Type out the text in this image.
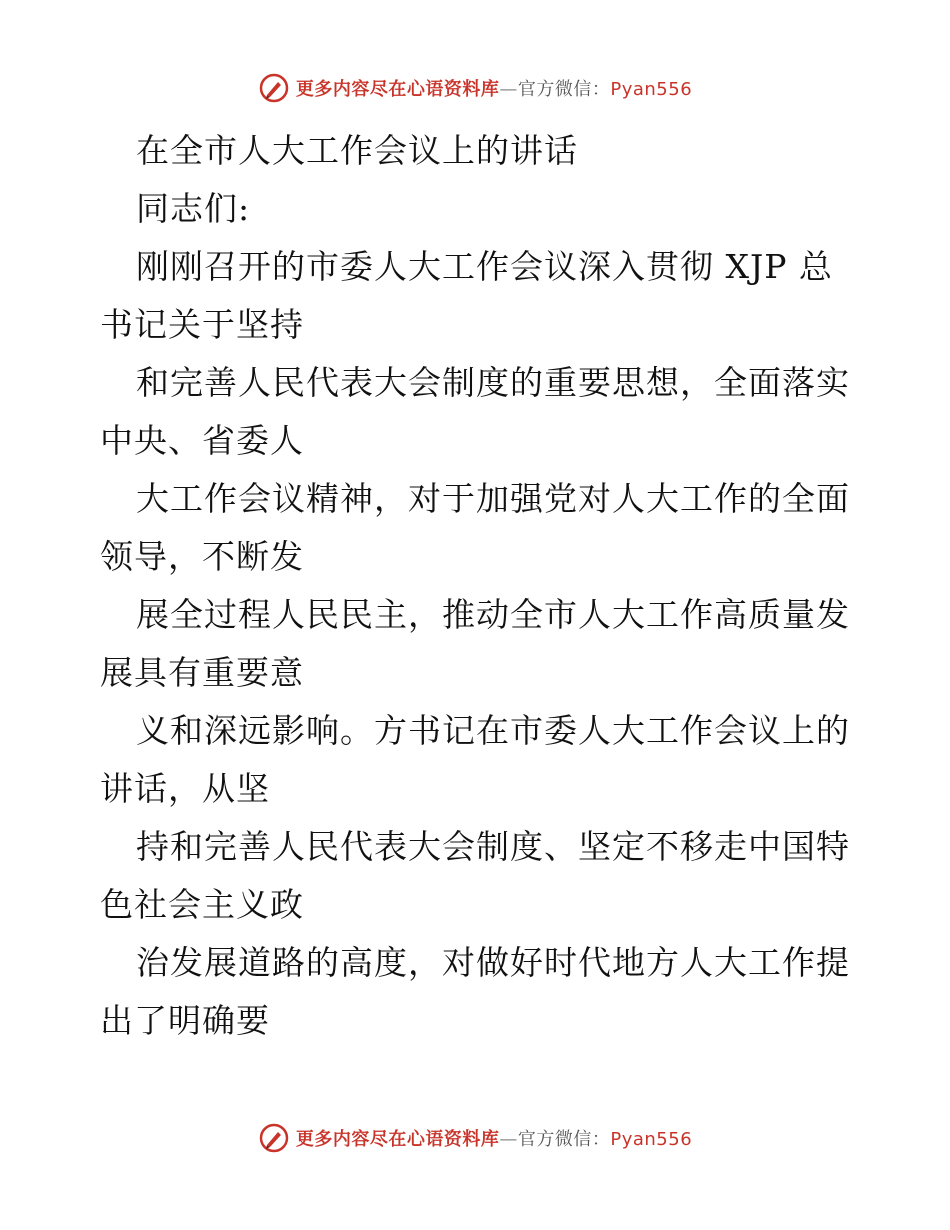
更多内容尽在心语资料库—官方微信：Pyan556
在全市人大工作会议上的讲话
同志们:
刚刚召开的市委人大工作会议深入贯彻 XJP 总
书记关于坚持
和完善人民代表大会制度的重要思想，全面落实
中央、省委人
大工作会议精神，对于加强党对人大工作的全面
领导，不断发
展全过程人民民主，推动全市人大工作高质量发
展具有重要意
义和深远影响。方书记在市委人大工作会议上的
讲话，从坚
持和完善人民代表大会制度、坚定不移走中国特
色社会主义政
治发展道路的高度，对做好时代地方人大工作提
出了明确要
更多内容尽在心语资料库—官方微信：Pyan556
